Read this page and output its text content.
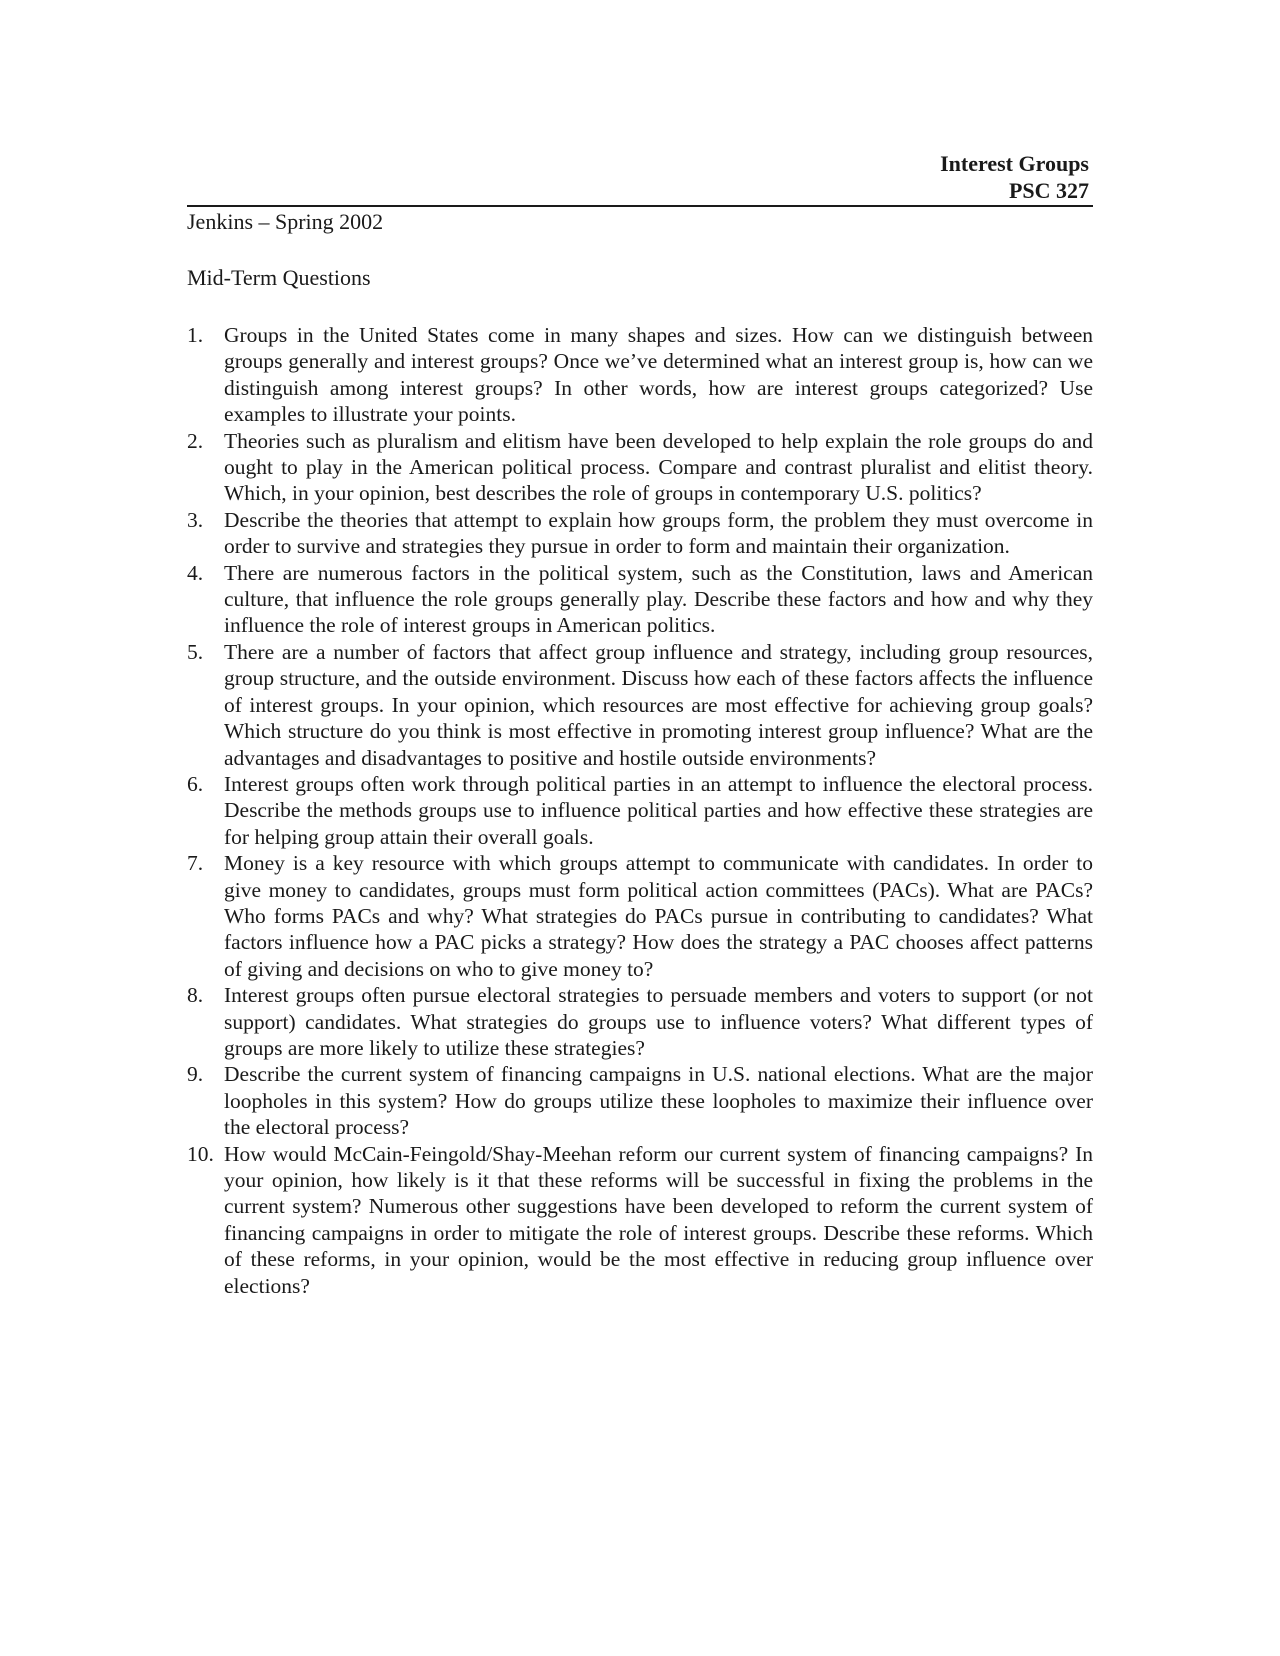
Interest Groups
PSC 327
Jenkins – Spring 2002
Mid-Term Questions
1. Groups in the United States come in many shapes and sizes. How can we distinguish between groups generally and interest groups? Once we’ve determined what an interest group is, how can we distinguish among interest groups? In other words, how are interest groups categorized? Use examples to illustrate your points.
2. Theories such as pluralism and elitism have been developed to help explain the role groups do and ought to play in the American political process. Compare and contrast pluralist and elitist theory. Which, in your opinion, best describes the role of groups in contemporary U.S. politics?
3. Describe the theories that attempt to explain how groups form, the problem they must overcome in order to survive and strategies they pursue in order to form and maintain their organization.
4. There are numerous factors in the political system, such as the Constitution, laws and American culture, that influence the role groups generally play. Describe these factors and how and why they influence the role of interest groups in American politics.
5. There are a number of factors that affect group influence and strategy, including group resources, group structure, and the outside environment. Discuss how each of these factors affects the influence of interest groups. In your opinion, which resources are most effective for achieving group goals? Which structure do you think is most effective in promoting interest group influence? What are the advantages and disadvantages to positive and hostile outside environments?
6. Interest groups often work through political parties in an attempt to influence the electoral process. Describe the methods groups use to influence political parties and how effective these strategies are for helping group attain their overall goals.
7. Money is a key resource with which groups attempt to communicate with candidates. In order to give money to candidates, groups must form political action committees (PACs). What are PACs? Who forms PACs and why? What strategies do PACs pursue in contributing to candidates? What factors influence how a PAC picks a strategy? How does the strategy a PAC chooses affect patterns of giving and decisions on who to give money to?
8. Interest groups often pursue electoral strategies to persuade members and voters to support (or not support) candidates. What strategies do groups use to influence voters? What different types of groups are more likely to utilize these strategies?
9. Describe the current system of financing campaigns in U.S. national elections. What are the major loopholes in this system? How do groups utilize these loopholes to maximize their influence over the electoral process?
10. How would McCain-Feingold/Shay-Meehan reform our current system of financing campaigns? In your opinion, how likely is it that these reforms will be successful in fixing the problems in the current system? Numerous other suggestions have been developed to reform the current system of financing campaigns in order to mitigate the role of interest groups. Describe these reforms. Which of these reforms, in your opinion, would be the most effective in reducing group influence over elections?
